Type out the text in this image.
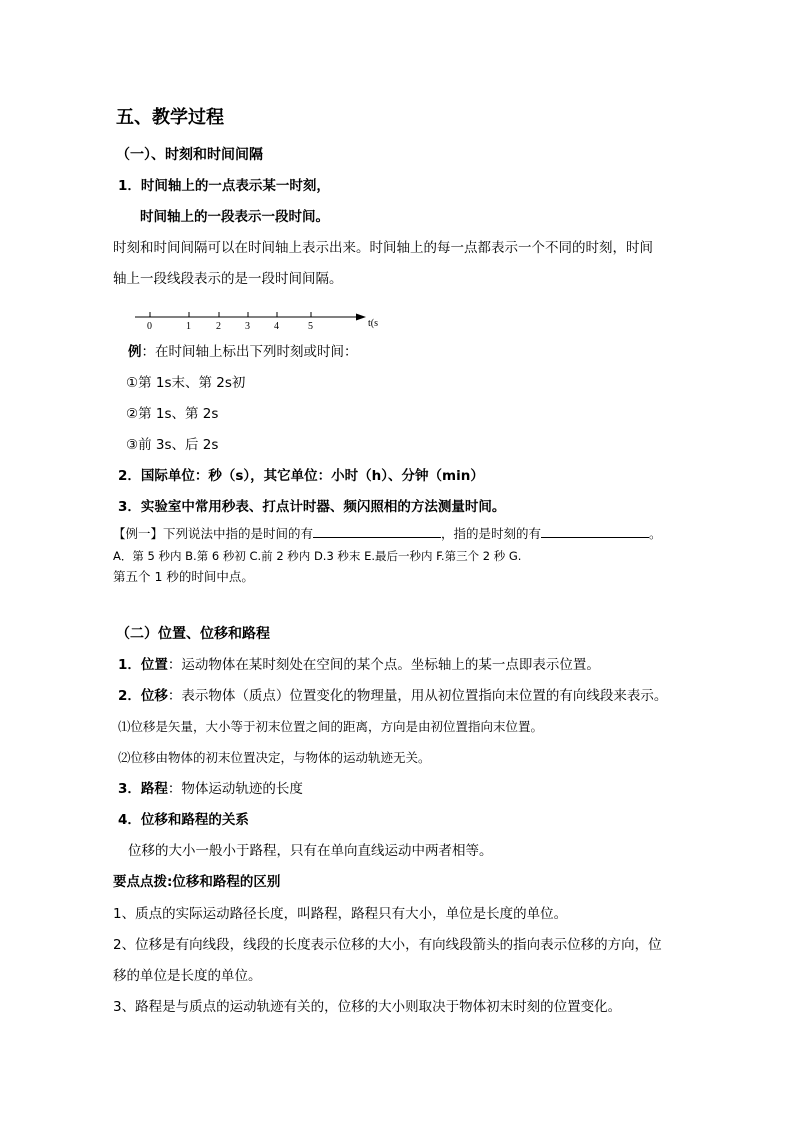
五、教学过程
（一）、时刻和时间间隔
1．时间轴上的一点表示某一时刻，
时间轴上的一段表示一段时间。
时刻和时间间隔可以在时间轴上表示出来。时间轴上的每一点都表示一个不同的时刻，时间
轴上一段线段表示的是一段时间间隔。
0	1	2 3 4	5	t(s
例：在时间轴上标出下列时刻或时间：
①第 1s末、第 2s初
②第 1s、第 2s
③前 3s、后 2s
2．国际单位：秒（s），其它单位：小时（h）、分钟（min）
3．实验室中常用秒表、打点计时器、频闪照相的方法测量时间。
【例一】下列说法中指的是时间的有	，指的是时刻的有	。
A．第 5 秒内 B.第 6 秒初 C.前 2 秒内 D.3 秒末 E.最后一秒内 F.第三个 2 秒 G.
第五个 1 秒的时间中点。
（二）位置、位移和路程
1．位置：运动物体在某时刻处在空间的某个点。坐标轴上的某一点即表示位置。
2．位移：表示物体（质点）位置变化的物理量，用从初位置指向末位置的有向线段来表示。
⑴位移是矢量，大小等于初末位置之间的距离，方向是由初位置指向末位置。
⑵位移由物体的初末位置决定，与物体的运动轨迹无关。
3．路程：物体运动轨迹的长度
4．位移和路程的关系
位移的大小一般小于路程，只有在单向直线运动中两者相等。
要点点拨:位移和路程的区别
1、质点的实际运动路径长度，叫路程，路程只有大小，单位是长度的单位。
2、位移是有向线段，线段的长度表示位移的大小，有向线段箭头的指向表示位移的方向，位
移的单位是长度的单位。
3、路程是与质点的运动轨迹有关的，位移的大小则取决于物体初末时刻的位置变化。
